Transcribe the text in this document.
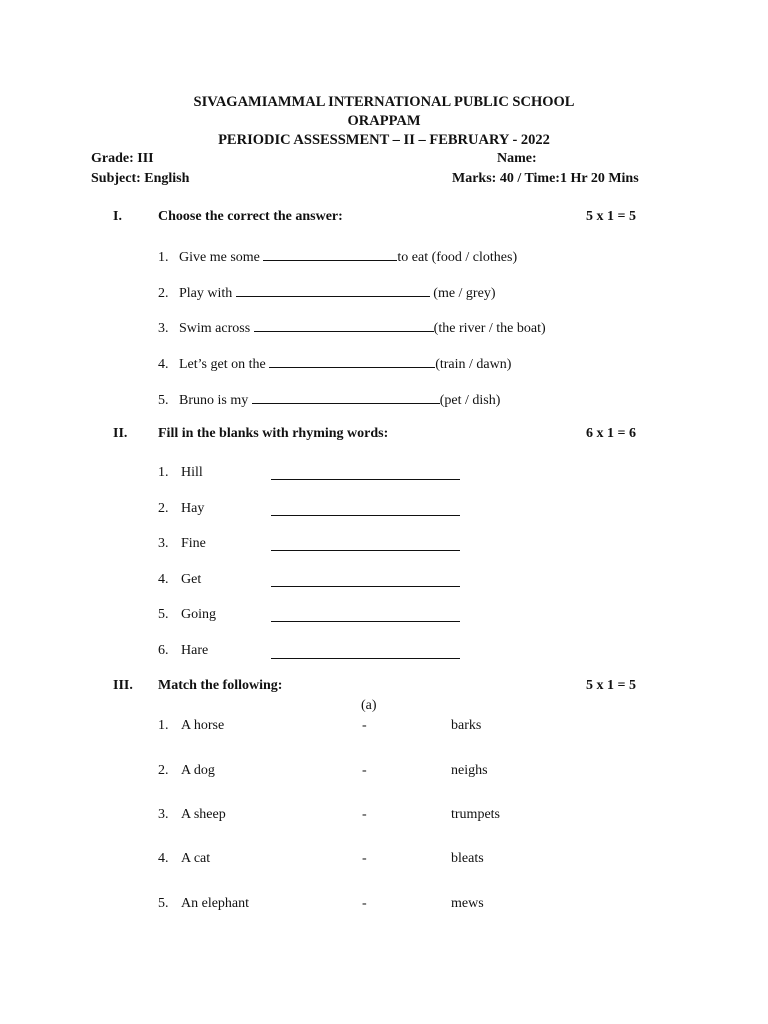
SIVAGAMIAMMAL INTERNATIONAL PUBLIC SCHOOL
ORAPPAM
PERIODIC ASSESSMENT – II – FEBRUARY - 2022
Grade: III	Name:
Subject: English	Marks: 40 / Time:1 Hr 20 Mins
I.	Choose the correct the answer:	5 x 1 = 5
1. Give me some	to eat (food / clothes)
2. Play with	(me / grey)
3. Swim across	(the river / the boat)
4. Let’s get on the	(train / dawn)
5. Bruno is my	(pet / dish)
II. Fill in the blanks with rhyming words:	6 x 1 = 6
1. Hill
2. Hay
3. Fine
4. Get
5. Going
6. Hare
III. Match the following:	5 x 1 = 5
(a)
1. A horse	-	barks
2. A dog	-	neighs
3. A sheep	-	trumpets
4. A cat	-	bleats
5. An elephant	-	mews
